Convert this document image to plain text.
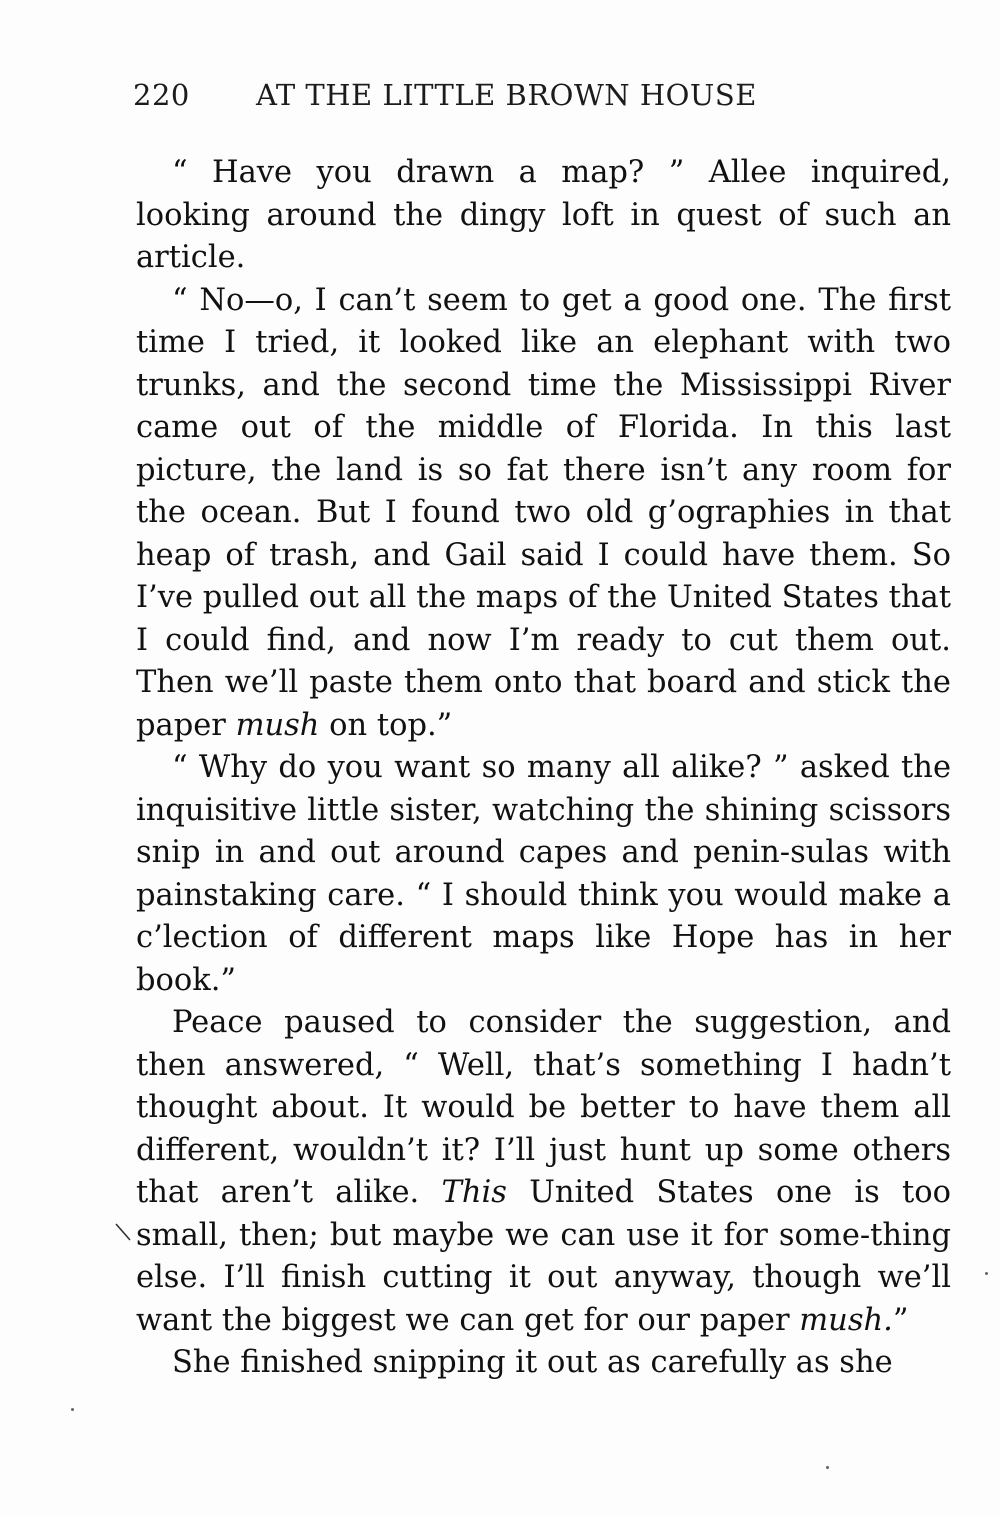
220 AT THE LITTLE BROWN HOUSE

“ Have you drawn a map? ” Allee inquired, looking around the dingy loft in quest of such an article.

“ No—o, I can’t seem to get a good one. The first time I tried, it looked like an elephant with two trunks, and the second time the Mississippi River came out of the middle of Florida. In this last picture, the land is so fat there isn’t any room for the ocean. But I found two old g’ographies in that heap of trash, and Gail said I could have them. So I’ve pulled out all the maps of the United States that I could find, and now I’m ready to cut them out. Then we’ll paste them onto that board and stick the paper mush on top.”

“ Why do you want so many all alike? ” asked the inquisitive little sister, watching the shining scissors snip in and out around capes and penin-sulas with painstaking care. “ I should think you would make a c’lection of different maps like Hope has in her book.”

Peace paused to consider the suggestion, and then answered, “ Well, that’s something I hadn’t thought about. It would be better to have them all different, wouldn’t it? I’ll just hunt up some others that aren’t alike. This United States one is too small, then; but maybe we can use it for some-thing else. I’ll finish cutting it out anyway, though we’ll want the biggest we can get for our paper mush.”

She finished snipping it out as carefully as she
